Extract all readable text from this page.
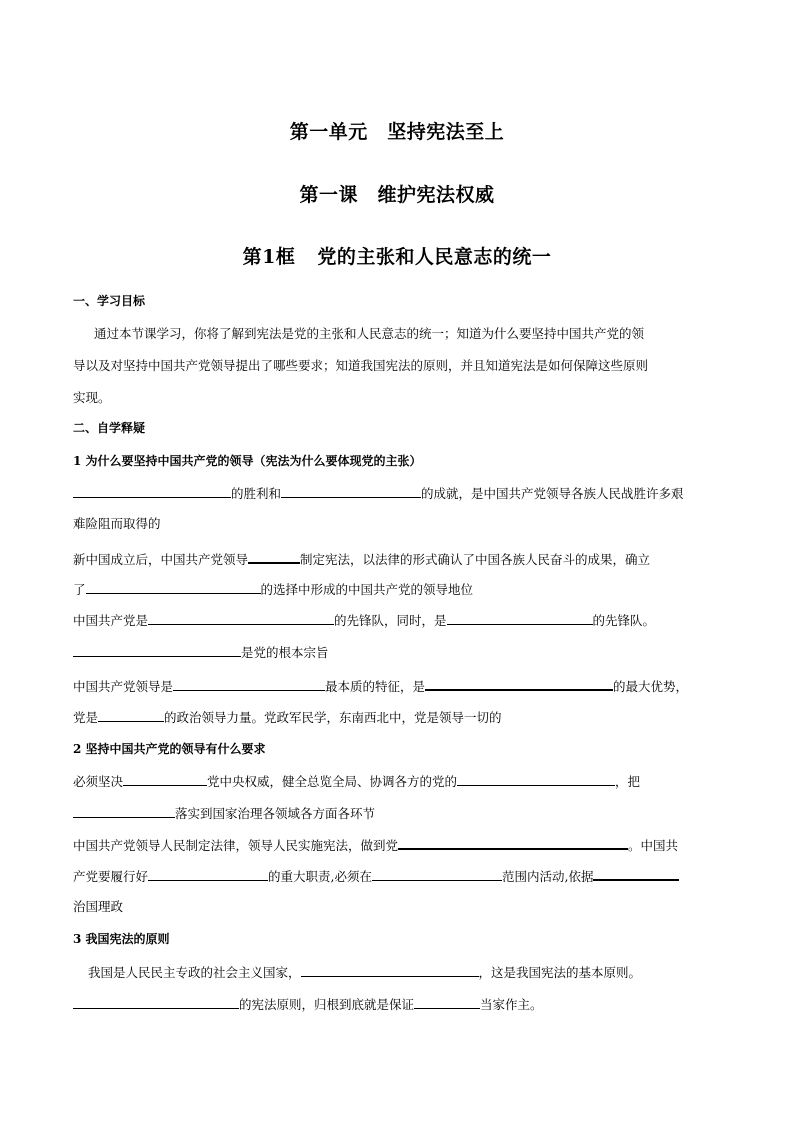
第一单元　坚持宪法至上
第一课　维护宪法权威
第1框 党的主张和人民意志的统一
一、学习目标
通过本节课学习，你将了解到宪法是党的主张和人民意志的统一；知道为什么要坚持中国共产党的领
导以及对坚持中国共产党领导提出了哪些要求；知道我国宪法的原则，并且知道宪法是如何保障这些原则
实现。
二、自学释疑
1 为什么要坚持中国共产党的领导（宪法为什么要体现党的主张）
的胜利和	的成就，是中国共产党领导各族人民战胜许多艰
难险阻而取得的
新中国成立后，中国共产党领导	制定宪法，以法律的形式确认了中国各族人民奋斗的成果，确立
了	的选择中形成的中国共产党的领导地位
中国共产党是	的先锋队，同时，是	的先锋队。
是党的根本宗旨
中国共产党领导是	最本质的特征，是	的最大优势，
党是	的政治领导力量。党政军民学，东南西北中，党是领导一切的
2 坚持中国共产党的领导有什么要求
必须坚决	党中央权威，健全总览全局、协调各方的党的	，把
落实到国家治理各领域各方面各环节
中国共产党领导人民制定法律，领导人民实施宪法，做到党	。中国共
产党要履行好	的重大职责,必须在	范围内活动,依据
治国理政
3 我国宪法的原则
我国是人民民主专政的社会主义国家，	，这是我国宪法的基本原则。
的宪法原则，归根到底就是保证	当家作主。
